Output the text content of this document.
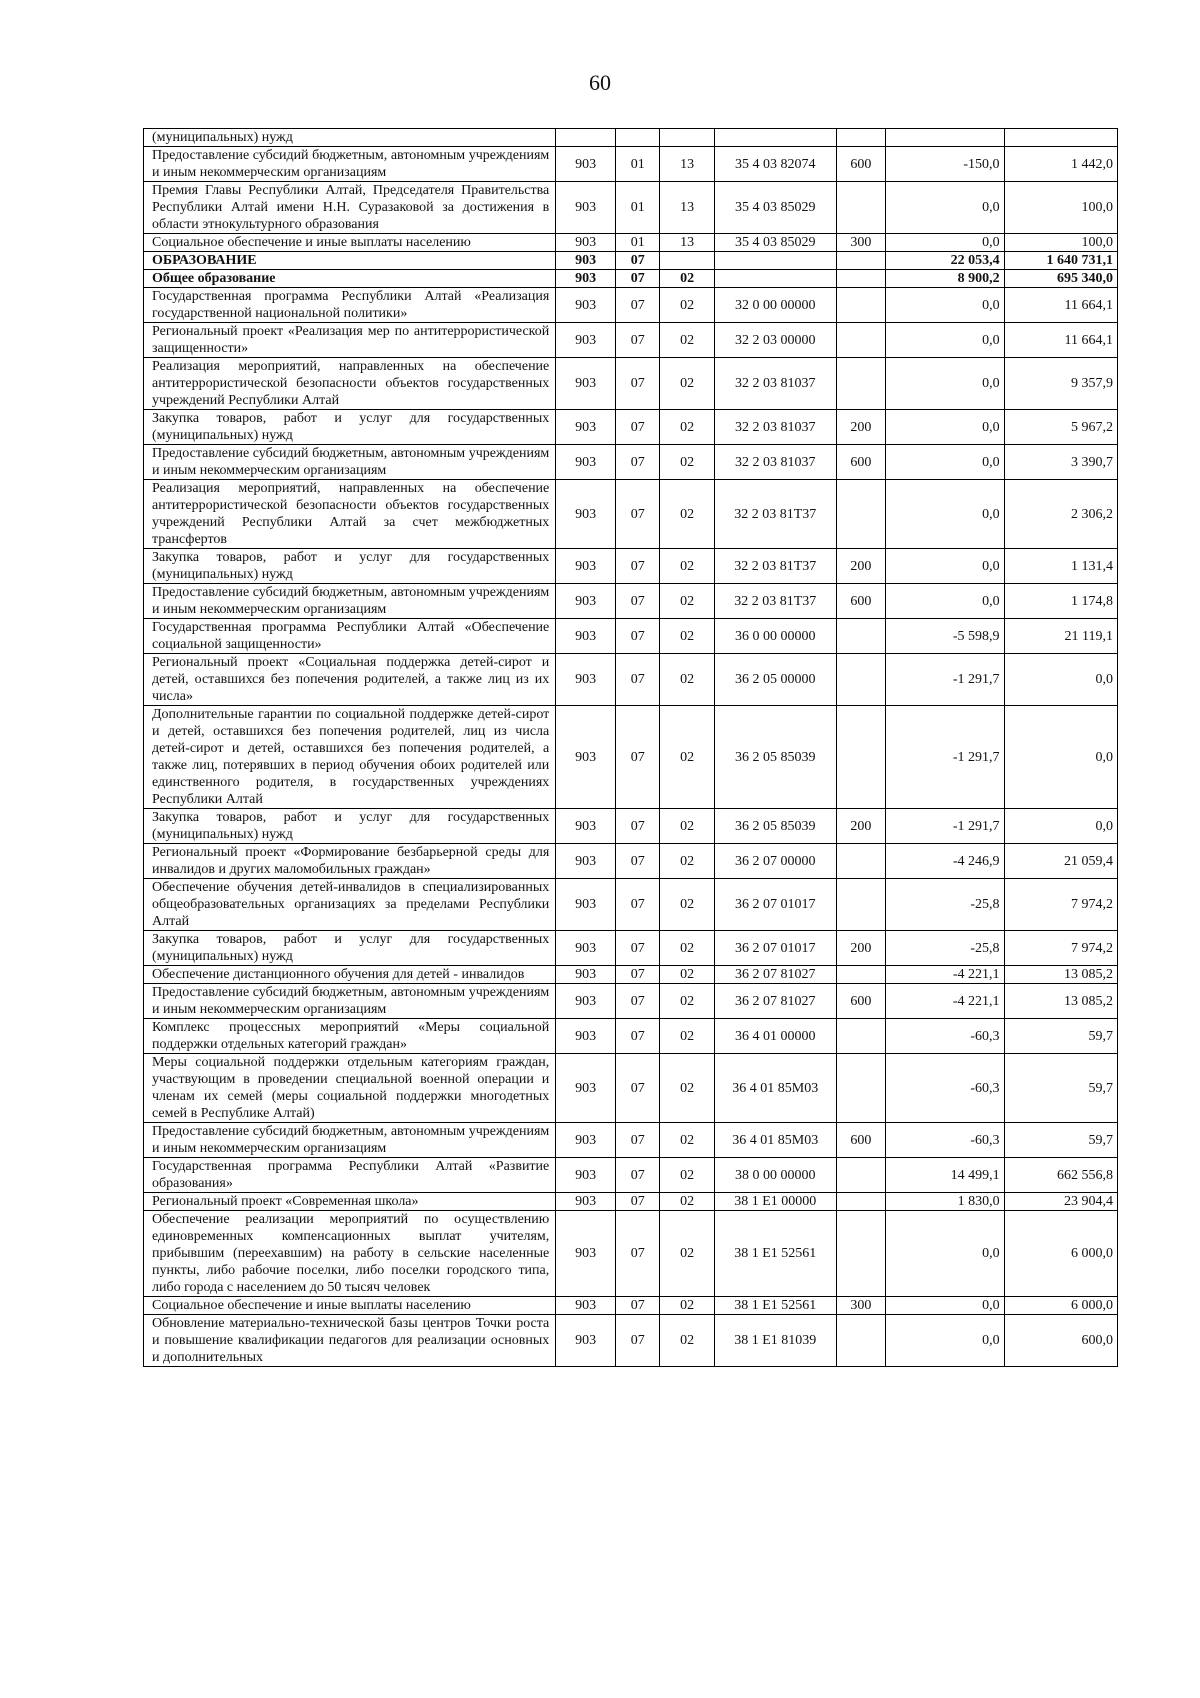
60
(муниципальных) нужд							
Предоставление субсидий бюджетным, автономным учреждениям и иным некоммерческим организациям	903	01	13	35 4 03 82074	600	-150,0	1 442,0
Премия Главы Республики Алтай, Председателя Правительства Республики Алтай имени Н.Н. Суразаковой за достижения в области этнокультурного образования	903	01	13	35 4 03 85029		0,0	100,0
Социальное обеспечение и иные выплаты населению	903	01	13	35 4 03 85029	300	0,0	100,0
ОБРАЗОВАНИЕ	903	07				22 053,4	1 640 731,1
Общее образование	903	07	02			8 900,2	695 340,0
Государственная программа Республики Алтай «Реализация государственной национальной политики»	903	07	02	32 0 00 00000		0,0	11 664,1
Региональный проект «Реализация мер по антитеррористической защищенности»	903	07	02	32 2 03 00000		0,0	11 664,1
Реализация мероприятий, направленных на обеспечение антитеррористической безопасности объектов государственных учреждений Республики Алтай	903	07	02	32 2 03 81037		0,0	9 357,9
Закупка товаров, работ и услуг для государственных (муниципальных) нужд	903	07	02	32 2 03 81037	200	0,0	5 967,2
Предоставление субсидий бюджетным, автономным учреждениям и иным некоммерческим организациям	903	07	02	32 2 03 81037	600	0,0	3 390,7
Реализация мероприятий, направленных на обеспечение антитеррористической безопасности объектов государственных учреждений Республики Алтай за счет межбюджетных трансфертов	903	07	02	32 2 03 81Т37		0,0	2 306,2
Закупка товаров, работ и услуг для государственных (муниципальных) нужд	903	07	02	32 2 03 81Т37	200	0,0	1 131,4
Предоставление субсидий бюджетным, автономным учреждениям и иным некоммерческим организациям	903	07	02	32 2 03 81Т37	600	0,0	1 174,8
Государственная программа Республики Алтай «Обеспечение социальной защищенности»	903	07	02	36 0 00 00000		-5 598,9	21 119,1
Региональный проект «Социальная поддержка детей-сирот и детей, оставшихся без попечения родителей, а также лиц из их числа»	903	07	02	36 2 05 00000		-1 291,7	0,0
Дополнительные гарантии по социальной поддержке детей-сирот и детей, оставшихся без попечения родителей, лиц из числа детей-сирот и детей, оставшихся без попечения родителей, а также лиц, потерявших в период обучения обоих родителей или единственного родителя, в государственных учреждениях Республики Алтай	903	07	02	36 2 05 85039		-1 291,7	0,0
Закупка товаров, работ и услуг для государственных (муниципальных) нужд	903	07	02	36 2 05 85039	200	-1 291,7	0,0
Региональный проект «Формирование безбарьерной среды для инвалидов и других маломобильных граждан»	903	07	02	36 2 07 00000		-4 246,9	21 059,4
Обеспечение обучения детей-инвалидов в специализированных общеобразовательных организациях за пределами Республики Алтай	903	07	02	36 2 07 01017		-25,8	7 974,2
Закупка товаров, работ и услуг для государственных (муниципальных) нужд	903	07	02	36 2 07 01017	200	-25,8	7 974,2
Обеспечение дистанционного обучения для детей - инвалидов	903	07	02	36 2 07 81027		-4 221,1	13 085,2
Предоставление субсидий бюджетным, автономным учреждениям и иным некоммерческим организациям	903	07	02	36 2 07 81027	600	-4 221,1	13 085,2
Комплекс процессных мероприятий «Меры социальной поддержки отдельных категорий граждан»	903	07	02	36 4 01 00000		-60,3	59,7
Меры социальной поддержки отдельным категориям граждан, участвующим в проведении специальной военной операции и членам их семей (меры социальной поддержки многодетных семей в Республике Алтай)	903	07	02	36 4 01 85М03		-60,3	59,7
Предоставление субсидий бюджетным, автономным учреждениям и иным некоммерческим организациям	903	07	02	36 4 01 85М03	600	-60,3	59,7
Государственная программа Республики Алтай «Развитие образования»	903	07	02	38 0 00 00000		14 499,1	662 556,8
Региональный проект «Современная школа»	903	07	02	38 1 Е1 00000		1 830,0	23 904,4
Обеспечение реализации мероприятий по осуществлению единовременных компенсационных выплат учителям, прибывшим (переехавшим) на работу в сельские населенные пункты, либо рабочие поселки, либо поселки городского типа, либо города с населением до 50 тысяч человек	903	07	02	38 1 Е1 52561		0,0	6 000,0
Социальное обеспечение и иные выплаты населению	903	07	02	38 1 Е1 52561	300	0,0	6 000,0
Обновление материально-технической базы центров Точки роста и повышение квалификации педагогов для реализации основных и дополнительных	903	07	02	38 1 Е1 81039		0,0	600,0
